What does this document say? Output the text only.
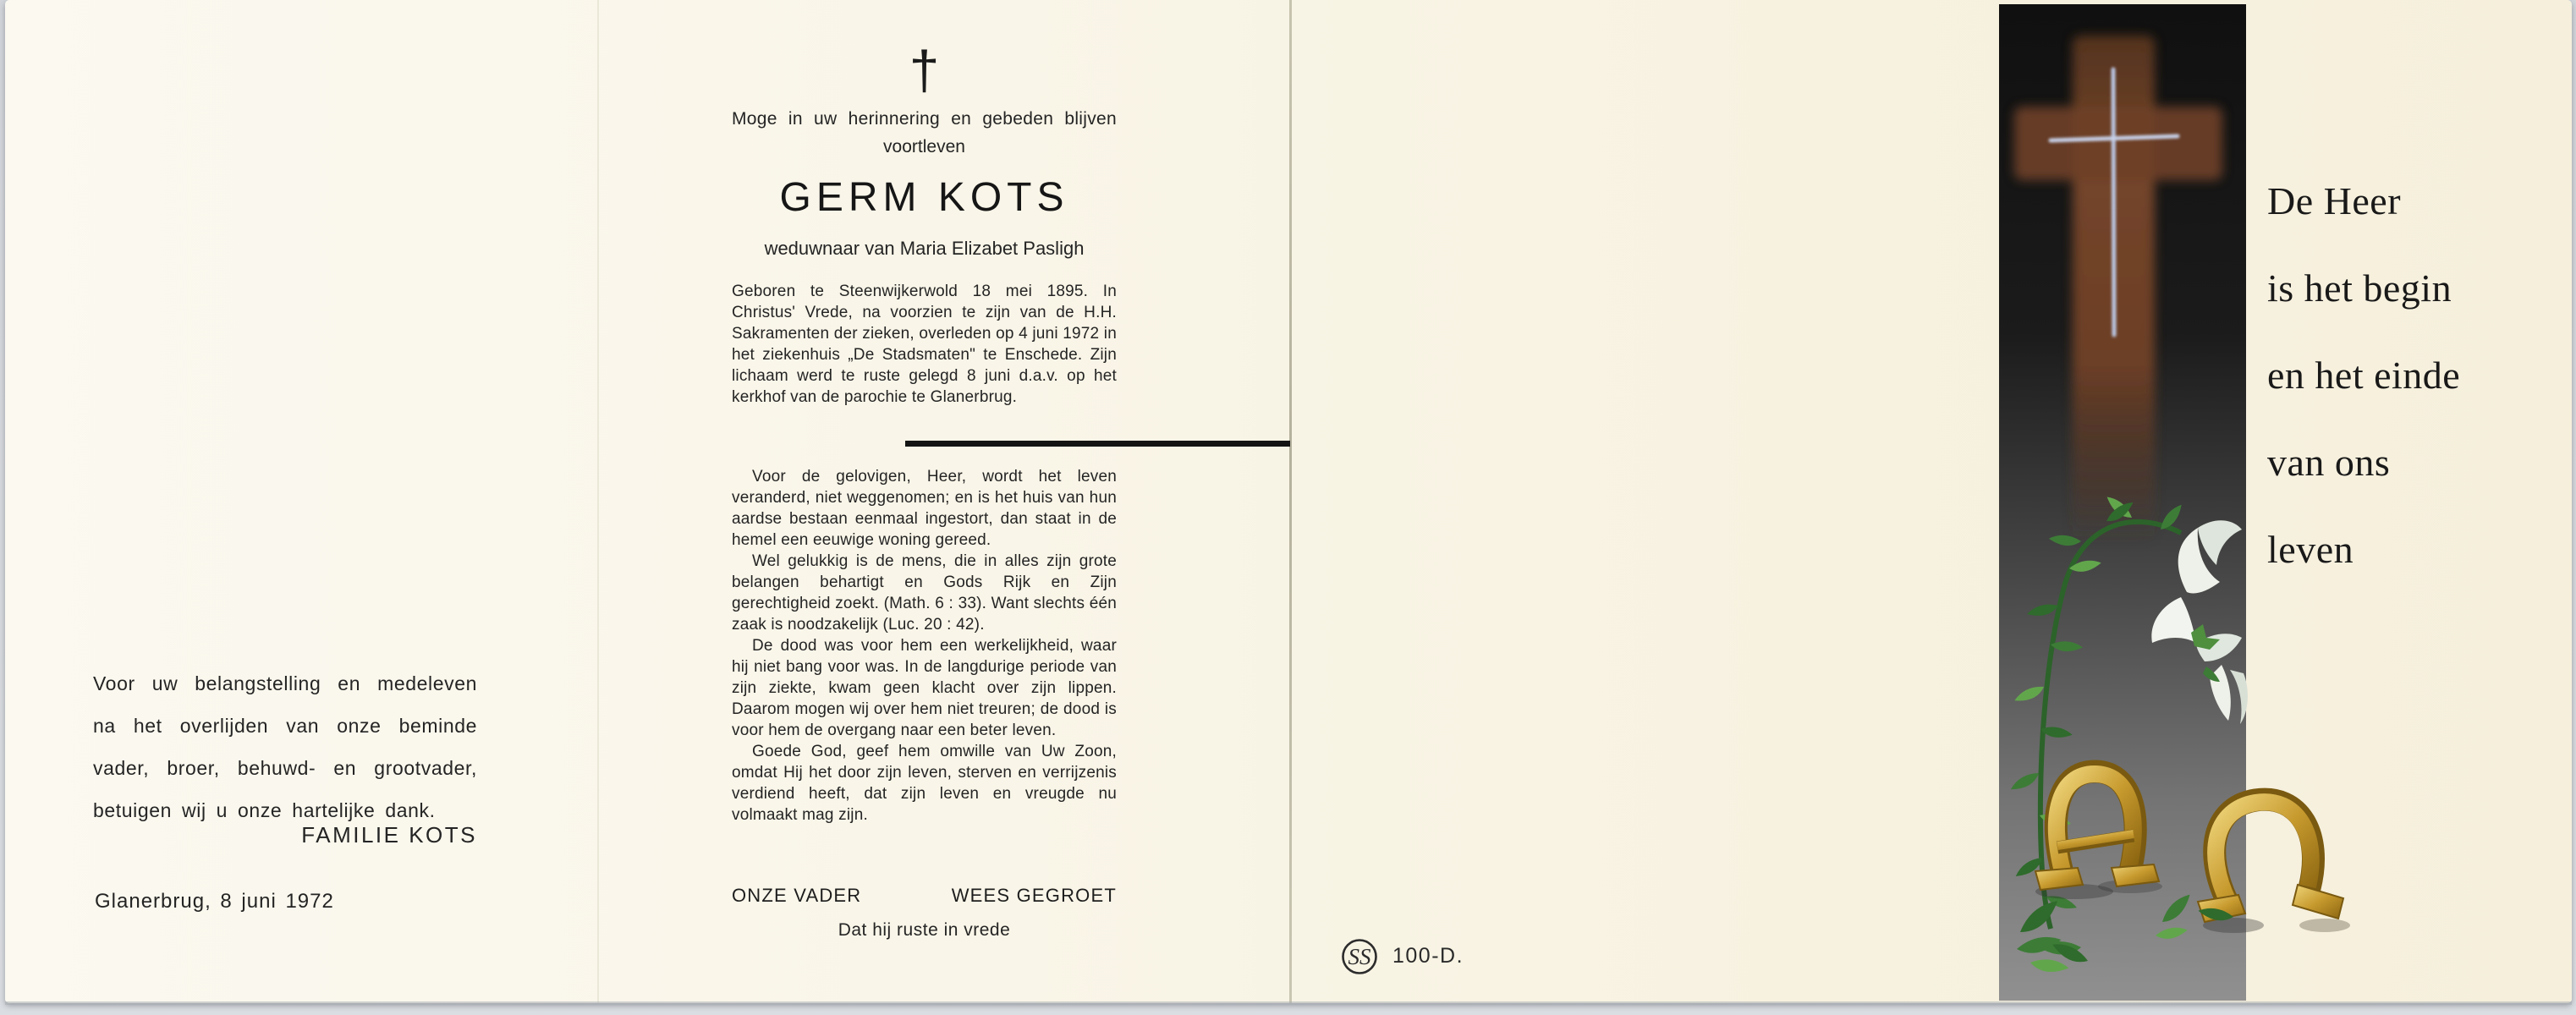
Voor uw belangstelling en medeleven na het overlijden van onze beminde vader, broer, behuwd- en grootvader, betuigen wij u onze hartelijke dank.

FAMILIE KOTS
Glanerbrug, 8 juni 1972
†
Moge in uw herinnering en gebeden blijven
voortleven
GERM KOTS
weduwnaar van Maria Elizabet Pasligh

Geboren te Steenwijkerwold 18 mei 1895. In Christus' Vrede, na voorzien te zijn van de H.H. Sakramenten der zieken, overleden op 4 juni 1972 in het ziekenhuis „De Stadsmaten" te Enschede. Zijn lichaam werd te ruste gelegd 8 juni d.a.v. op het kerkhof van de parochie te Glanerbrug.

Voor de gelovigen, Heer, wordt het leven veranderd, niet weggenomen; en is het huis van hun aardse bestaan eenmaal ingestort, dan staat in de hemel een eeuwige woning gereed.

Wel gelukkig is de mens, die in alles zijn grote belangen behartigt en Gods Rijk en Zijn gerechtigheid zoekt. (Math. 6 : 33). Want slechts één zaak is noodzakelijk (Luc. 20 : 42).

De dood was voor hem een werkelijkheid, waar hij niet bang voor was. In de langdurige periode van zijn ziekte, kwam geen klacht over zijn lippen. Daarom mogen wij over hem niet treuren; de dood is voor hem de overgang naar een beter leven.

Goede God, geef hem omwille van Uw Zoon, omdat Hij het door zijn leven, sterven en verrijzenis verdiend heeft, dat zijn leven en vreugde nu volmaakt mag zijn.

ONZE VADER	WEES GEGROET
Dat hij ruste in vrede
SS 100-D.
De Heer
is het begin
en het einde
van ons
leven
